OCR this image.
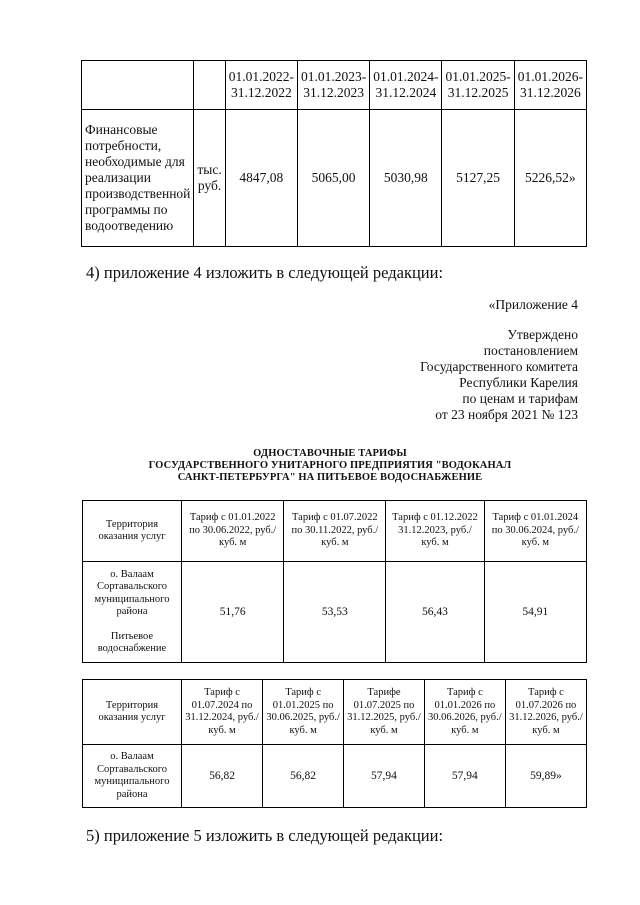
		01.01.2022-31.12.2022	01.01.2023-31.12.2023	01.01.2024-31.12.2024	01.01.2025-31.12.2025	01.01.2026-31.12.2026
Финансовые потребности, необходимые для реализации производственной программы по водоотведению	тыс. руб.	4847,08	5065,00	5030,98	5127,25	5226,52»
4) приложение 4 изложить в следующей редакции:
«Приложение 4
Утверждено
постановлением
Государственного комитета
Республики Карелия
по ценам и тарифам
от 23 ноября 2021 № 123
ОДНОСТАВОЧНЫЕ ТАРИФЫ
ГОСУДАРСТВЕННОГО УНИТАРНОГО ПРЕДПРИЯТИЯ "ВОДОКАНАЛ
САНКТ-ПЕТЕРБУРГА" НА ПИТЬЕВОЕ ВОДОСНАБЖЕНИЕ
Территория оказания услуг	Тариф с 01.01.2022 по 30.06.2022, руб./куб. м	Тариф с 01.07.2022 по 30.11.2022, руб./куб. м	Тариф с 01.12.2022 31.12.2023, руб./куб. м	Тариф с 01.01.2024 по 30.06.2024, руб./куб. м

о. Валаам Сортавальского муниципального района
Питьевое водоснабжение	51,76	53,53	56,43	54,91
Территория оказания услуг	Тариф с 01.07.2024 по 31.12.2024, руб./куб. м	Тариф с 01.01.2025 по 30.06.2025, руб./куб. м	Тарифе 01.07.2025 по 31.12.2025, руб./куб. м	Тариф с 01.01.2026 по 30.06.2026, руб./куб. м	Тариф с 01.07.2026 по 31.12.2026, руб./куб. м
о. Валаам Сортавальского муниципального района	56,82	56,82	57,94	57,94	59,89»
5) приложение 5 изложить в следующей редакции:
